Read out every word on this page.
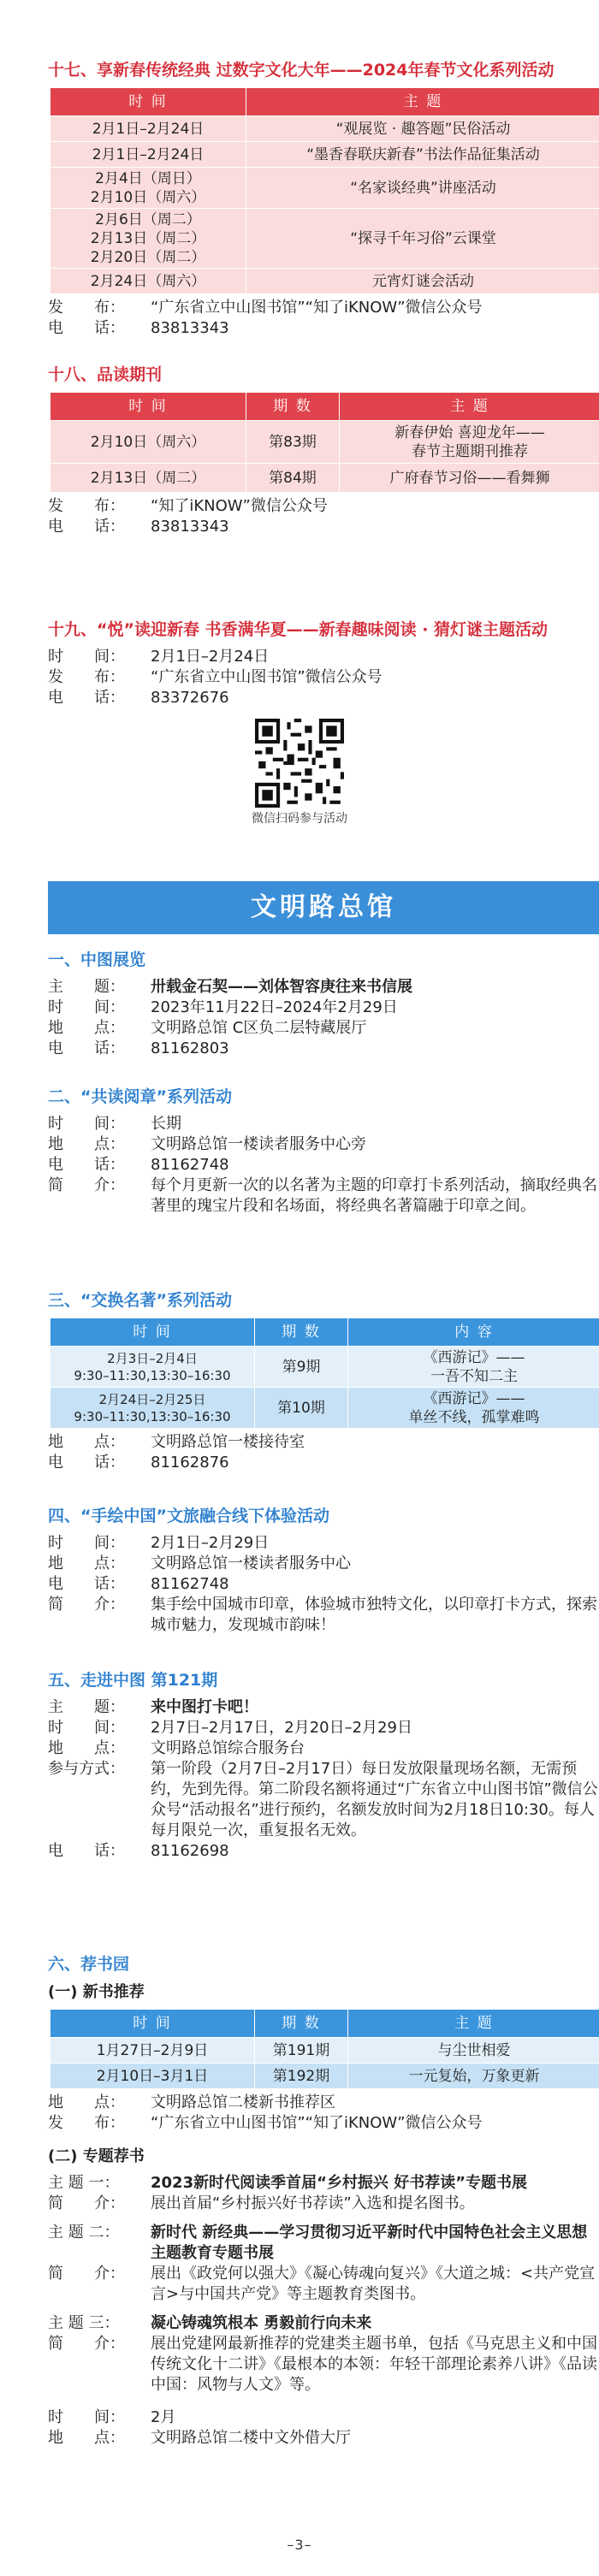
十七、享新春传统经典 过数字文化大年——2024年春节文化系列活动
时 间	主 题
2月1日–2月24日	“观展览 · 趣答题”民俗活动
2月1日–2月24日	“墨香春联庆新春”书法作品征集活动
2月4日（周日）
2月10日（周六）	“名家谈经典”讲座活动
2月6日（周二）
2月13日（周二）
2月20日（周二）	“探寻千年习俗”云课堂
2月24日（周六）	元宵灯谜会活动
发　　布：	“广东省立中山图书馆”“知了iKNOW”微信公众号
电　　话：	83813343
十八、品读期刊
时 间	期 数	主 题
2月10日（周六）	第83期	新春伊始 喜迎龙年——
春节主题期刊推荐
2月13日（周二）	第84期	广府春节习俗——看舞狮
发　　布：	“知了iKNOW”微信公众号
电　　话：	83813343
十九、“悦”读迎新春 书香满华夏——新春趣味阅读 · 猜灯谜主题活动
时　　间：	2月1日–2月24日
发　　布：	“广东省立中山图书馆”微信公众号
电　　话：	83372676
微信扫码参与活动
文明路总馆
一、中图展览
主　　题：	卅载金石契——刘体智容庚往来书信展
时　　间：	2023年11月22日–2024年2月29日
地　　点：	文明路总馆 C区负二层特藏展厅
电　　话：	81162803
二、“共读阅章”系列活动
时　　间：	长期
地　　点：	文明路总馆一楼读者服务中心旁
电　　话：	81162748
简　　介：	每个月更新一次的以名著为主题的印章打卡系列活动，摘取经典名著里的瑰宝片段和名场面，将经典名著篇融于印章之间。
三、“交换名著”系列活动
时 间	期 数	内 容
2月3日–2月4日
9:30–11:30,13:30–16:30	第9期	《西游记》——
一吾不知二主
2月24日–2月25日
9:30–11:30,13:30–16:30	第10期	《西游记》——
单丝不线，孤掌难鸣
地　　点：	文明路总馆一楼接待室
电　　话：	81162876
四、“手绘中国”文旅融合线下体验活动
时　　间：	2月1日–2月29日
地　　点：	文明路总馆一楼读者服务中心
电　　话：	81162748
简　　介：	集手绘中国城市印章，体验城市独特文化，以印章打卡方式，探索城市魅力，发现城市韵味！
五、走进中图 第121期
主　　题：	来中图打卡吧！
时　　间：	2月7日–2月17日，2月20日–2月29日
地　　点：	文明路总馆综合服务台
参与方式：	第一阶段（2月7日–2月17日）每日发放限量现场名额，无需预约，先到先得。第二阶段名额将通过“广东省立中山图书馆”微信公众号“活动报名”进行预约，名额发放时间为2月18日10:30。每人每月限兑一次，重复报名无效。
电　　话：	81162698
六、荐书园
(一) 新书推荐
时 间	期 数	主 题
1月27日–2月9日	第191期	与尘世相爱
2月10日–3月1日	第192期	一元复始，万象更新
地　　点：	文明路总馆二楼新书推荐区
发　　布：	“广东省立中山图书馆”“知了iKNOW”微信公众号
(二) 专题荐书
主 题 一：	2023新时代阅读季首届“乡村振兴 好书荐读”专题书展
简　　介：	展出首届“乡村振兴好书荐读”入选和提名图书。
主 题 二：	新时代 新经典——学习贯彻习近平新时代中国特色社会主义思想主题教育专题书展
简　　介：	展出《政党何以强大》《凝心铸魂向复兴》《大道之城：<共产党宣言>与中国共产党》等主题教育类图书。
主 题 三：	凝心铸魂筑根本 勇毅前行向未来
简　　介：	展出党建网最新推荐的党建类主题书单，包括《马克思主义和中国传统文化十二讲》《最根本的本领：年轻干部理论素养八讲》《品读中国：风物与人文》等。
时　　间：	2月
地　　点：	文明路总馆二楼中文外借大厅
–3–
